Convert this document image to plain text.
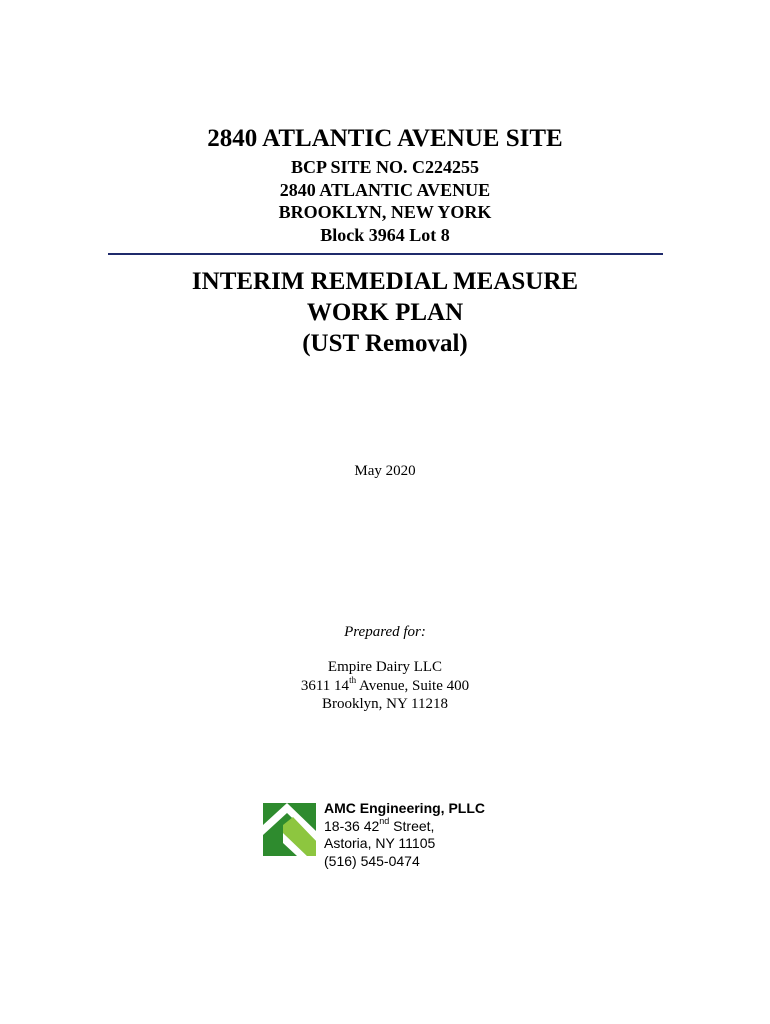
2840 ATLANTIC AVENUE SITE
BCP SITE NO. C224255
2840 ATLANTIC AVENUE
BROOKLYN, NEW YORK
Block 3964 Lot 8
INTERIM REMEDIAL MEASURE
WORK PLAN
(UST Removal)
May 2020
Prepared for:
Empire Dairy LLC
3611 14th Avenue, Suite 400
Brooklyn, NY 11218
AMC Engineering, PLLC
18-36 42nd Street,
Astoria, NY 11105
(516) 545-0474
